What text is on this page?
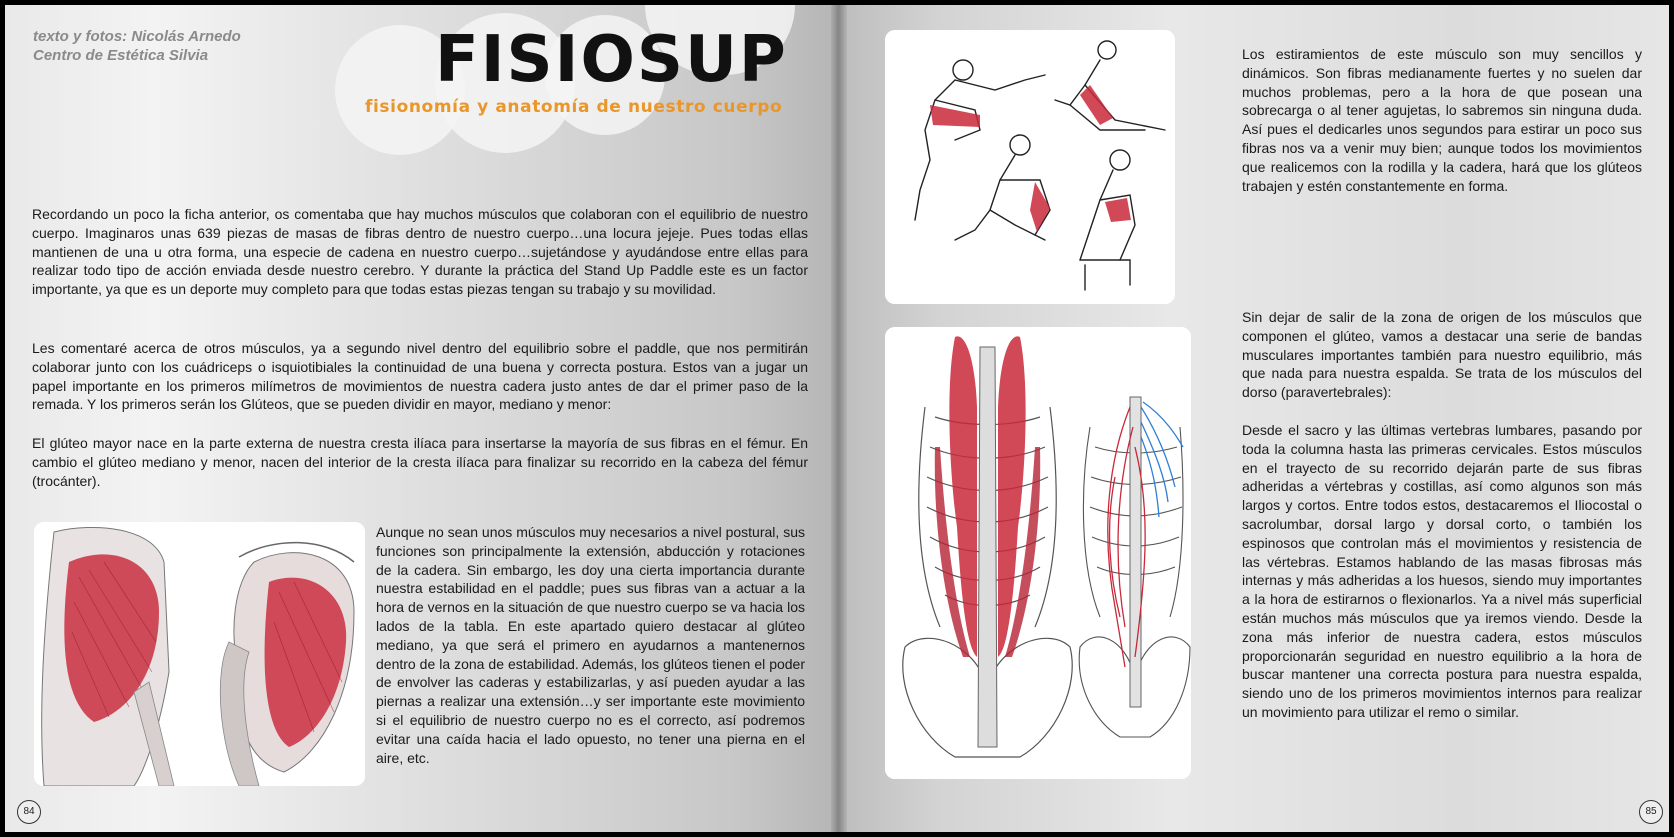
texto y fotos: Nicolás Arnedo
Centro de Estética Silvia	FISIOSUP
fisionomía y anatomía de nuestro cuerpo

Recordando un poco la ficha anterior, os comentaba que hay muchos músculos que colaboran con el equilibrio de nuestro cuerpo. Imaginaros unas 639 piezas de masas de fibras dentro de nuestro cuerpo…una locura jejeje. Pues todas ellas mantienen de una u otra forma, una especie de cadena en nuestro cuerpo…sujetándose y ayudándose entre ellas para realizar todo tipo de acción enviada desde nuestro cerebro. Y durante la práctica del Stand Up Paddle este es un factor importante, ya que es un deporte muy completo para que todas estas piezas tengan su trabajo y su movilidad.

Les comentaré acerca de otros músculos, ya a segundo nivel dentro del equilibrio sobre el paddle, que nos permitirán colaborar junto con los cuádriceps o isquiotibiales la continuidad de una buena y correcta postura. Estos van a jugar un papel importante en los primeros milímetros de movimientos de nuestra cadera justo antes de dar el primer paso de la remada. Y los primeros serán los Glúteos, que se pueden dividir en mayor, mediano y menor:

El glúteo mayor nace en la parte externa de nuestra cresta ilíaca para insertarse la mayoría de sus fibras en el fémur. En cambio el glúteo mediano y menor, nacen del interior de la cresta ilíaca para finalizar su recorrido en la cabeza del fémur (trocánter).

Aunque no sean unos músculos muy necesarios a nivel postural, sus funciones son principalmente la extensión, abducción y rotaciones de la cadera. Sin embargo, les doy una cierta importancia durante nuestra estabilidad en el paddle; pues sus fibras van a actuar a la hora de vernos en la situación de que nuestro cuerpo se va hacia los lados de la tabla. En este apartado quiero destacar al glúteo mediano, ya que será el primero en ayudarnos a mantenernos dentro de la zona de estabilidad. Además, los glúteos tienen el poder de envolver las caderas y estabilizarlas, y así pueden ayudar a las piernas a realizar una extensión…y ser importante este movimiento si el equilibrio de nuestro cuerpo no es el correcto, así podremos evitar una caída hacia el lado opuesto, no tener una pierna en el aire, etc.

84

Los estiramientos de este músculo son muy sencillos y dinámicos. Son fibras medianamente fuertes y no suelen dar muchos problemas, pero a la hora de que posean una sobrecarga o al tener agujetas, lo sabremos sin ninguna duda. Así pues el dedicarles unos segundos para estirar un poco sus fibras nos va a venir muy bien; aunque todos los movimientos que realicemos con la rodilla y la cadera, hará que los glúteos trabajen y estén constantemente en forma.

Sin dejar de salir de la zona de origen de los músculos que componen el glúteo, vamos a destacar una serie de bandas musculares importantes también para nuestro equilibrio, más que nada para nuestra espalda. Se trata de los músculos del dorso (paravertebrales):

Desde el sacro y las últimas vertebras lumbares, pasando por toda la columna hasta las primeras cervicales. Estos músculos en el trayecto de su recorrido dejarán parte de sus fibras adheridas a vértebras y costillas, así como algunos son más largos y cortos. Entre todos estos, destacaremos el Iliocostal o sacrolumbar, dorsal largo y dorsal corto, o también los espinosos que controlan más el movimientos y resistencia de las vértebras. Estamos hablando de las masas fibrosas más internas y más adheridas a los huesos, siendo muy importantes a la hora de estirarnos o flexionarlos. Ya a nivel más superficial están muchos más músculos que ya iremos viendo. Desde la zona más inferior de nuestra cadera, estos músculos proporcionarán seguridad en nuestro equilibrio a la hora de buscar mantener una correcta postura para nuestra espalda, siendo uno de los primeros movimientos internos para realizar un movimiento para utilizar el remo o similar.

85
